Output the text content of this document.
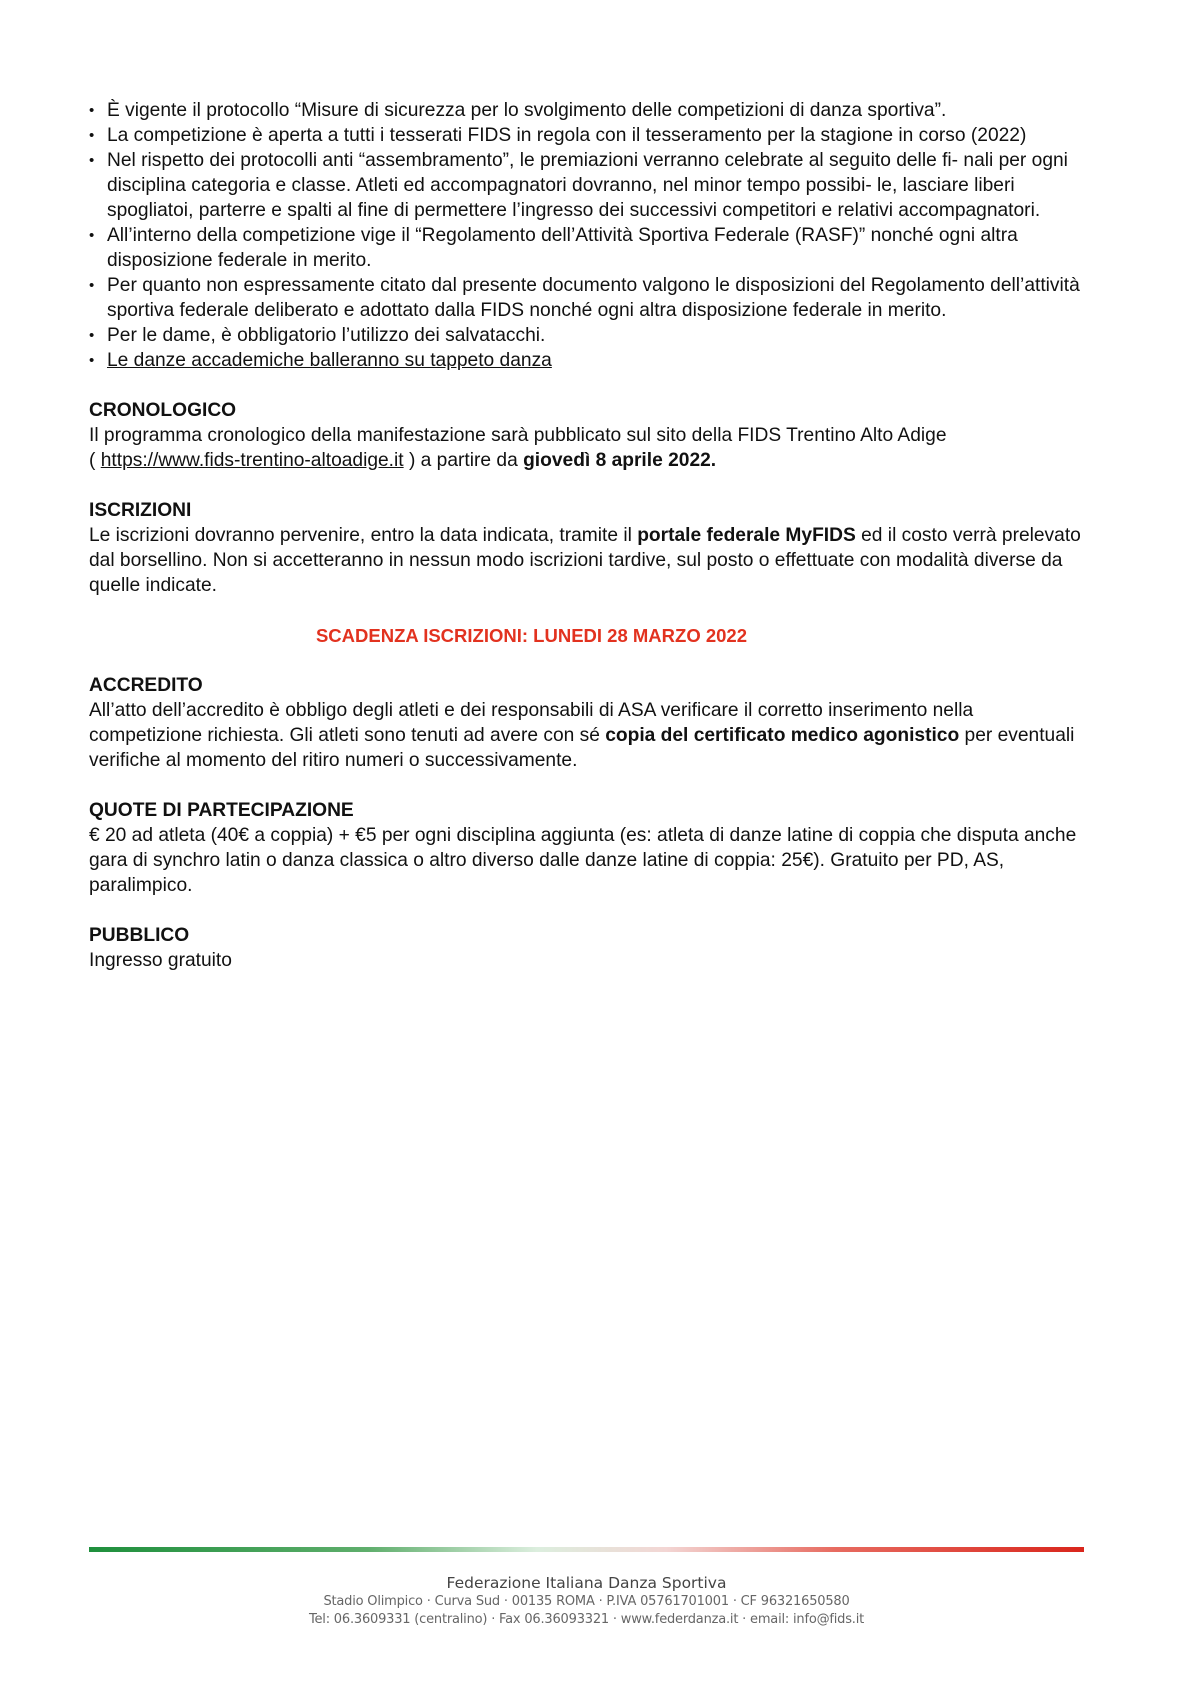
• È vigente il protocollo “Misure di sicurezza per lo svolgimento delle competizioni di danza sportiva”.
• La competizione è aperta a tutti i tesserati FIDS in regola con il tesseramento per la stagione in corso (2022)
• Nel rispetto dei protocolli anti “assembramento”, le premiazioni verranno celebrate al seguito delle fi- nali per ogni disciplina categoria e classe. Atleti ed accompagnatori dovranno, nel minor tempo possibi- le, lasciare liberi spogliatoi, parterre e spalti al fine di permettere l’ingresso dei successivi competitori e relativi accompagnatori.
• All’interno della competizione vige il “Regolamento dell’Attività Sportiva Federale (RASF)” nonché ogni altra disposizione federale in merito.
• Per quanto non espressamente citato dal presente documento valgono le disposizioni del Regolamento dell’attività sportiva federale deliberato e adottato dalla FIDS nonché ogni altra disposizione federale in merito.
• Per le dame, è obbligatorio l’utilizzo dei salvatacchi.
• Le danze accademiche balleranno su tappeto danza
CRONOLOGICO

Il programma cronologico della manifestazione sarà pubblicato sul sito della FIDS Trentino Alto Adige
( https://www.fids-trentino-altoadige.it ) a partire da giovedì 8 aprile 2022.

ISCRIZIONI

Le iscrizioni dovranno pervenire, entro la data indicata, tramite il portale federale MyFIDS ed il costo verrà prelevato dal borsellino. Non si accetteranno in nessun modo iscrizioni tardive, sul posto o effettuate con modalità diverse da quelle indicate.

SCADENZA ISCRIZIONI: LUNEDI 28 MARZO 2022
ACCREDITO

All’atto dell’accredito è obbligo degli atleti e dei responsabili di ASA verificare il corretto inserimento nella competizione richiesta. Gli atleti sono tenuti ad avere con sé copia del certificato medico agonistico per eventuali verifiche al momento del ritiro numeri o successivamente.

QUOTE DI PARTECIPAZIONE

€ 20 ad atleta (40€ a coppia) + €5 per ogni disciplina aggiunta (es: atleta di danze latine di coppia che disputa anche gara di synchro latin o danza classica o altro diverso dalle danze latine di coppia: 25€). Gratuito per PD, AS, paralimpico.

PUBBLICO

Ingresso gratuito

Federazione Italiana Danza Sportiva
Stadio Olimpico · Curva Sud · 00135 ROMA · P.IVA 05761701001 · CF 96321650580
Tel: 06.3609331 (centralino) · Fax 06.36093321 · www.federdanza.it · email: info@fids.it
